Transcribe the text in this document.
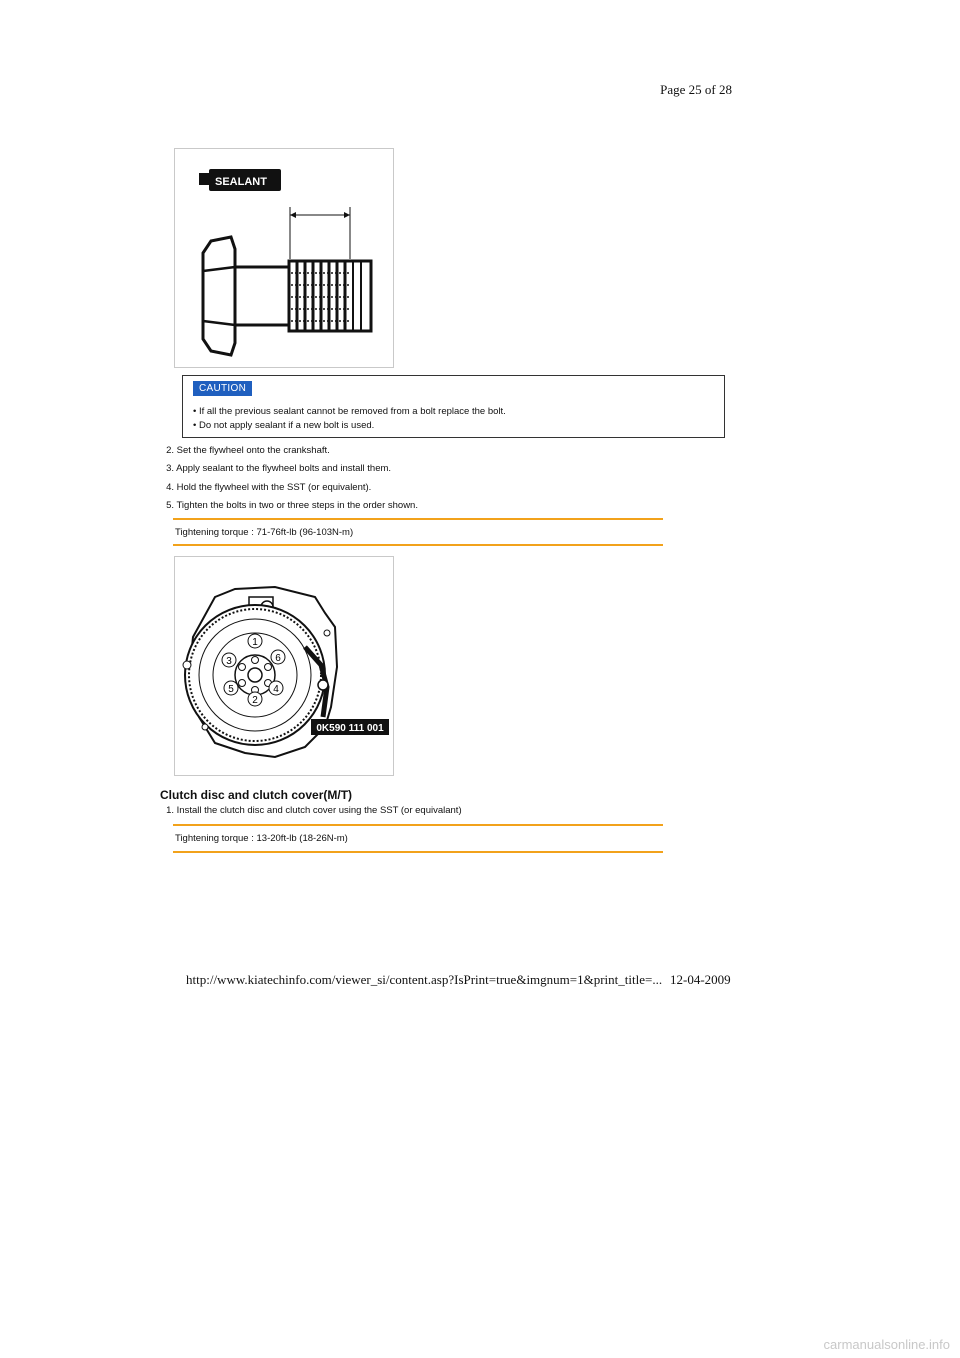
Page 25 of 28
SEALANT
CAUTION
• If all the previous sealant cannot be removed from a bolt replace the bolt.
• Do not apply sealant if a new bolt is used.
2. Set the flywheel onto the crankshaft.
3. Apply sealant to the flywheel bolts and install them.
4. Hold the flywheel with the SST (or equivalent).
5. Tighten the bolts in two or three steps in the order shown.
Tightening torque : 71-76ft-lb (96-103N-m)
1
2
3
4
5
6
0K590 111 001
Clutch disc and clutch cover(M/T)
1. Install the clutch disc and clutch cover using the SST (or equivalant)
Tightening torque : 13-20ft-lb (18-26N-m)
http://www.kiatechinfo.com/viewer_si/content.asp?IsPrint=true&imgnum=1&print_title=... 12-04-2009
carmanualsonline.info
